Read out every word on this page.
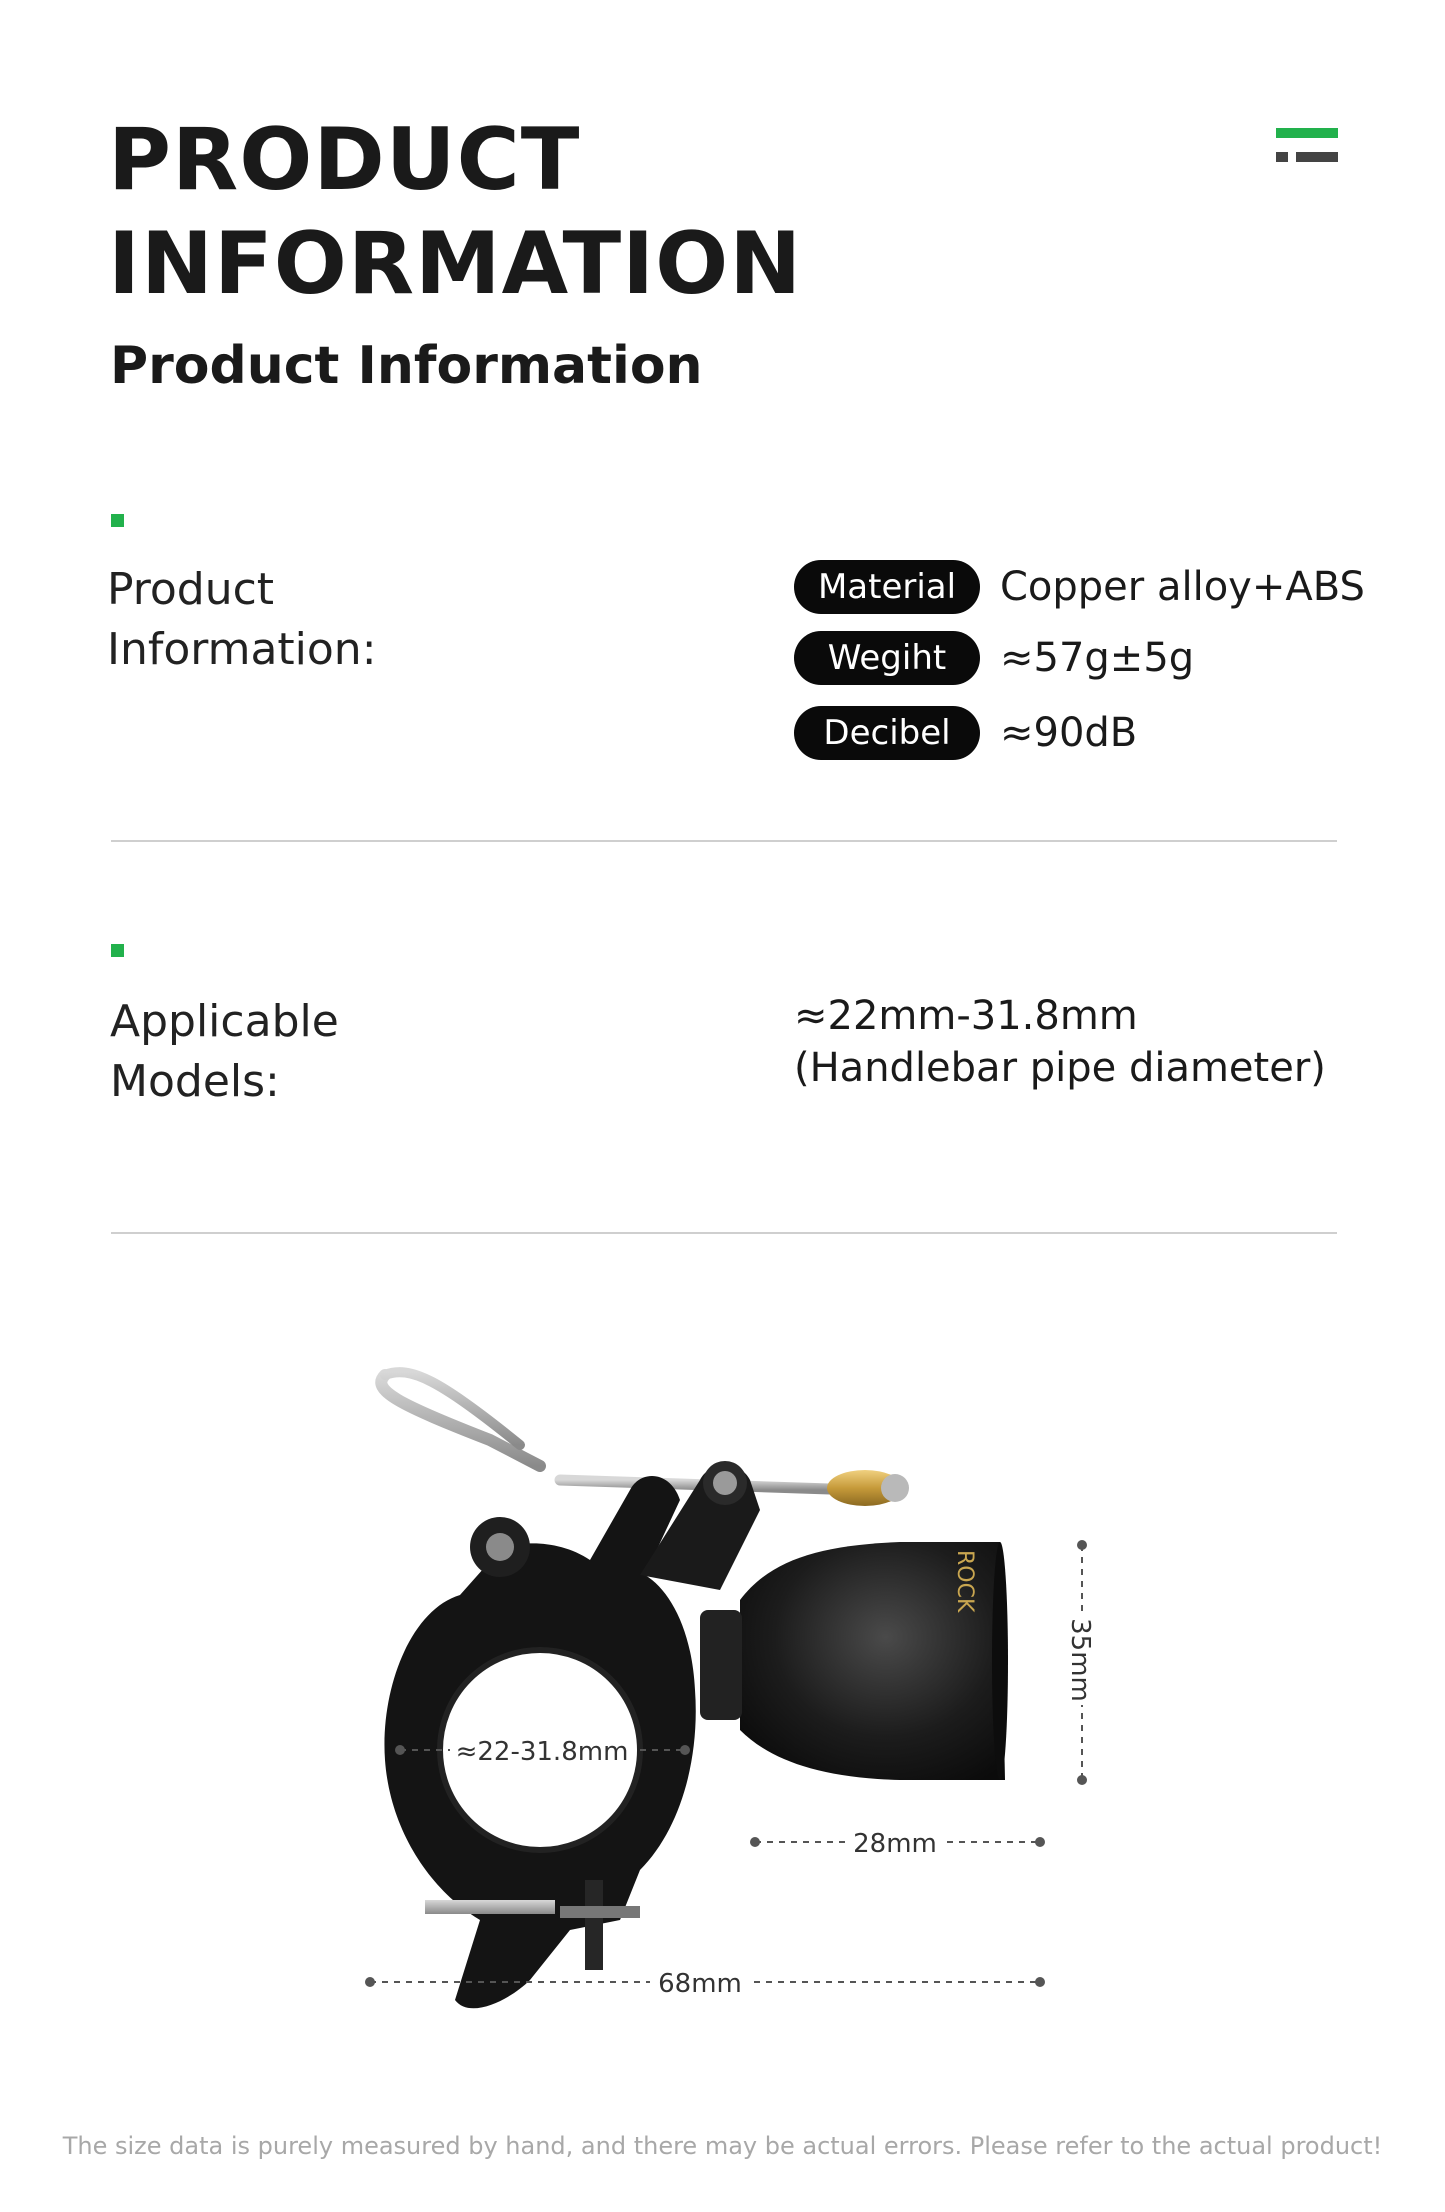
PRODUCT
INFORMATION
Product Information
Product
Information:
Material	Copper alloy+ABS
Wegiht	≈57g±5g
Decibel	≈90dB
Applicable
Models:
≈22mm-31.8mm
(Handlebar pipe diameter)
ROCK
≈22-31.8mm
35mm
28mm
68mm
The size data is purely measured by hand, and there may be actual errors. Please refer to the actual product!
